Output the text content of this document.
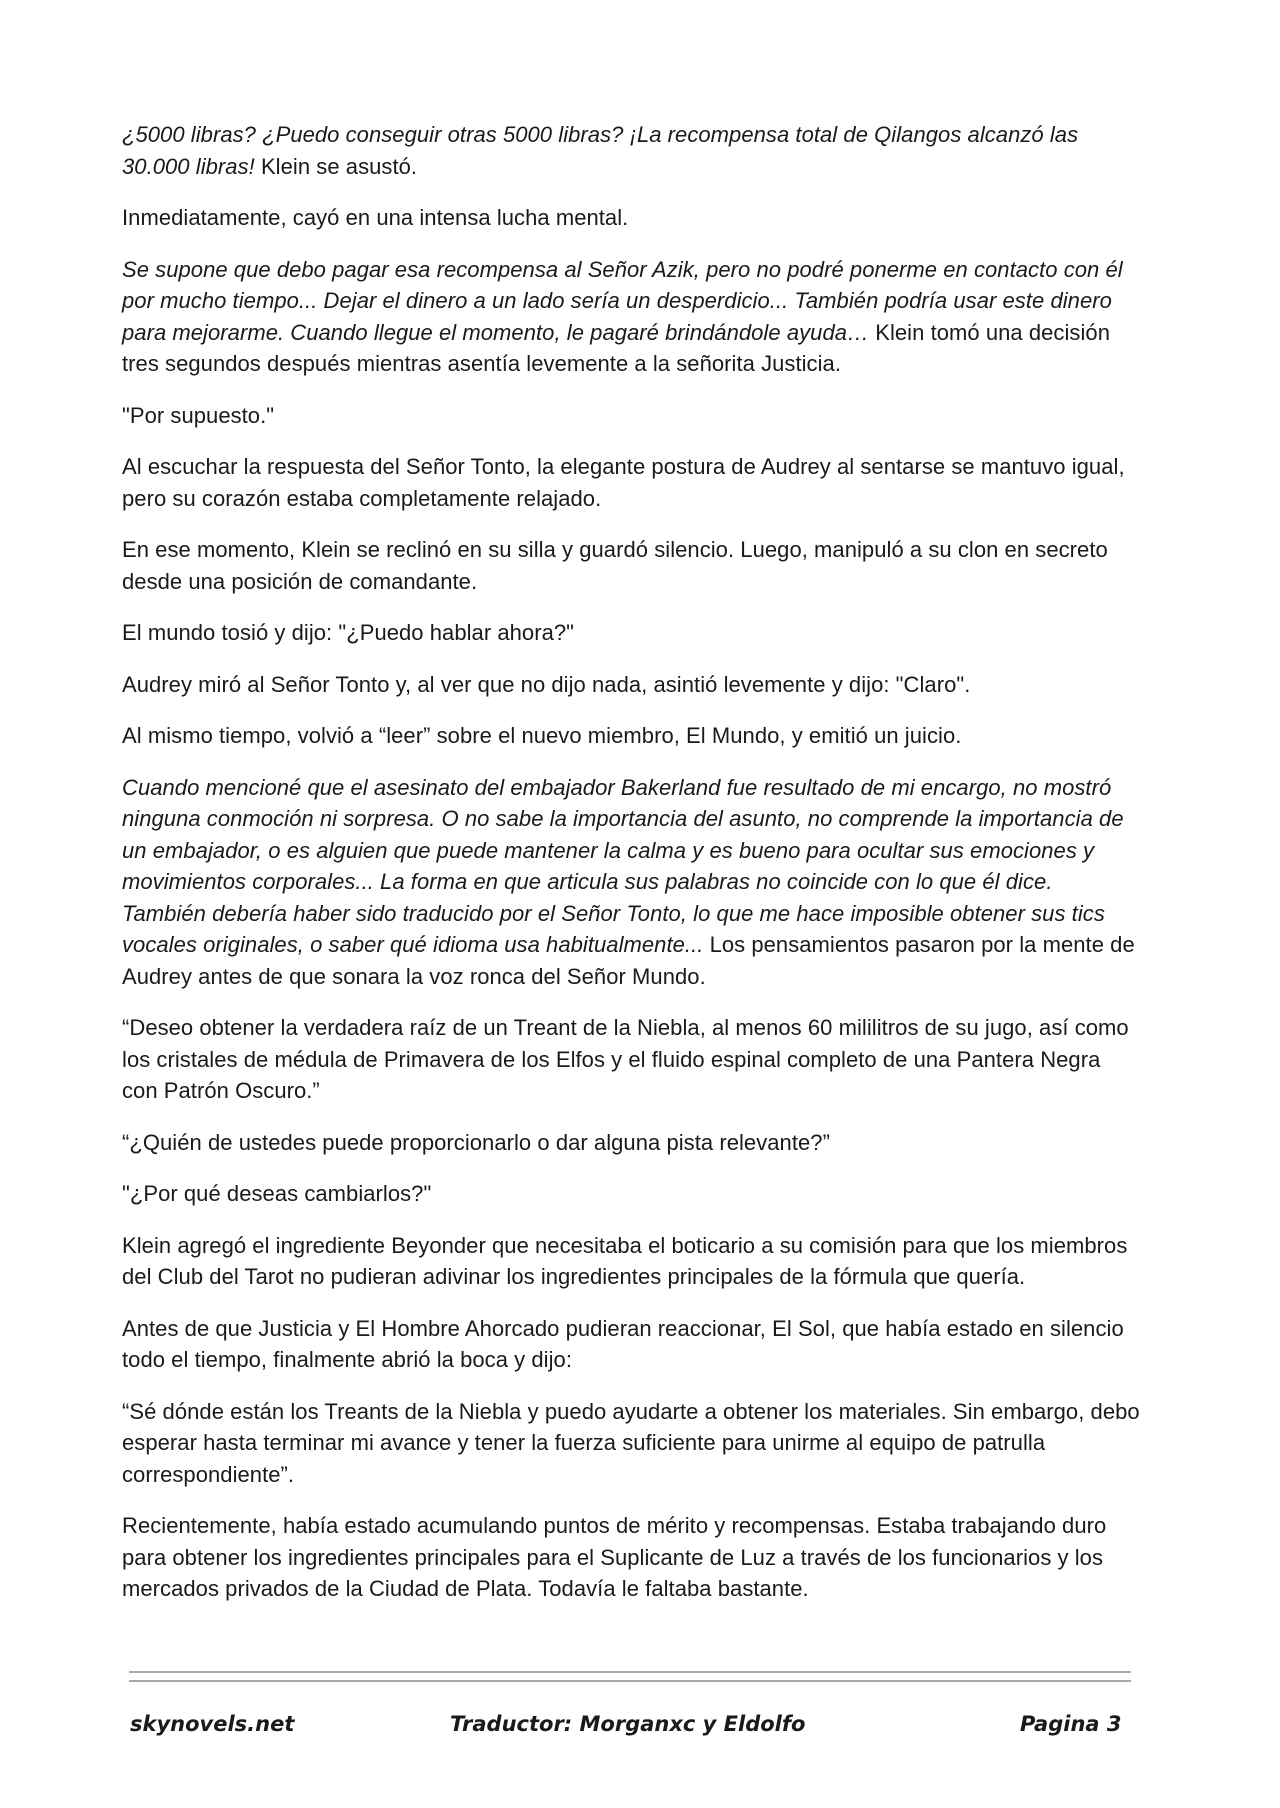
¿5000 libras? ¿Puedo conseguir otras 5000 libras? ¡La recompensa total de Qilangos alcanzó las 30.000 libras! Klein se asustó.

Inmediatamente, cayó en una intensa lucha mental.

Se supone que debo pagar esa recompensa al Señor Azik, pero no podré ponerme en contacto con él por mucho tiempo... Dejar el dinero a un lado sería un desperdicio... También podría usar este dinero para mejorarme. Cuando llegue el momento, le pagaré brindándole ayuda… Klein tomó una decisión tres segundos después mientras asentía levemente a la señorita Justicia.

"Por supuesto."

Al escuchar la respuesta del Señor Tonto, la elegante postura de Audrey al sentarse se mantuvo igual, pero su corazón estaba completamente relajado.

En ese momento, Klein se reclinó en su silla y guardó silencio. Luego, manipuló a su clon en secreto desde una posición de comandante.

El mundo tosió y dijo: "¿Puedo hablar ahora?"

Audrey miró al Señor Tonto y, al ver que no dijo nada, asintió levemente y dijo: "Claro".

Al mismo tiempo, volvió a “leer” sobre el nuevo miembro, El Mundo, y emitió un juicio.

Cuando mencioné que el asesinato del embajador Bakerland fue resultado de mi encargo, no mostró ninguna conmoción ni sorpresa. O no sabe la importancia del asunto, no comprende la importancia de un embajador, o es alguien que puede mantener la calma y es bueno para ocultar sus emociones y movimientos corporales... La forma en que articula sus palabras no coincide con lo que él dice. También debería haber sido traducido por el Señor Tonto, lo que me hace imposible obtener sus tics vocales originales, o saber qué idioma usa habitualmente... Los pensamientos pasaron por la mente de Audrey antes de que sonara la voz ronca del Señor Mundo.

“Deseo obtener la verdadera raíz de un Treant de la Niebla, al menos 60 mililitros de su jugo, así como los cristales de médula de Primavera de los Elfos y el fluido espinal completo de una Pantera Negra con Patrón Oscuro.”

“¿Quién de ustedes puede proporcionarlo o dar alguna pista relevante?”

"¿Por qué deseas cambiarlos?"

Klein agregó el ingrediente Beyonder que necesitaba el boticario a su comisión para que los miembros del Club del Tarot no pudieran adivinar los ingredientes principales de la fórmula que quería.

Antes de que Justicia y El Hombre Ahorcado pudieran reaccionar, El Sol, que había estado en silencio todo el tiempo, finalmente abrió la boca y dijo:

“Sé dónde están los Treants de la Niebla y puedo ayudarte a obtener los materiales. Sin embargo, debo esperar hasta terminar mi avance y tener la fuerza suficiente para unirme al equipo de patrulla correspondiente”.

Recientemente, había estado acumulando puntos de mérito y recompensas. Estaba trabajando duro para obtener los ingredientes principales para el Suplicante de Luz a través de los funcionarios y los mercados privados de la Ciudad de Plata. Todavía le faltaba bastante.

skynovels.net	Traductor: Morganxc y Eldolfo	Pagina 3
